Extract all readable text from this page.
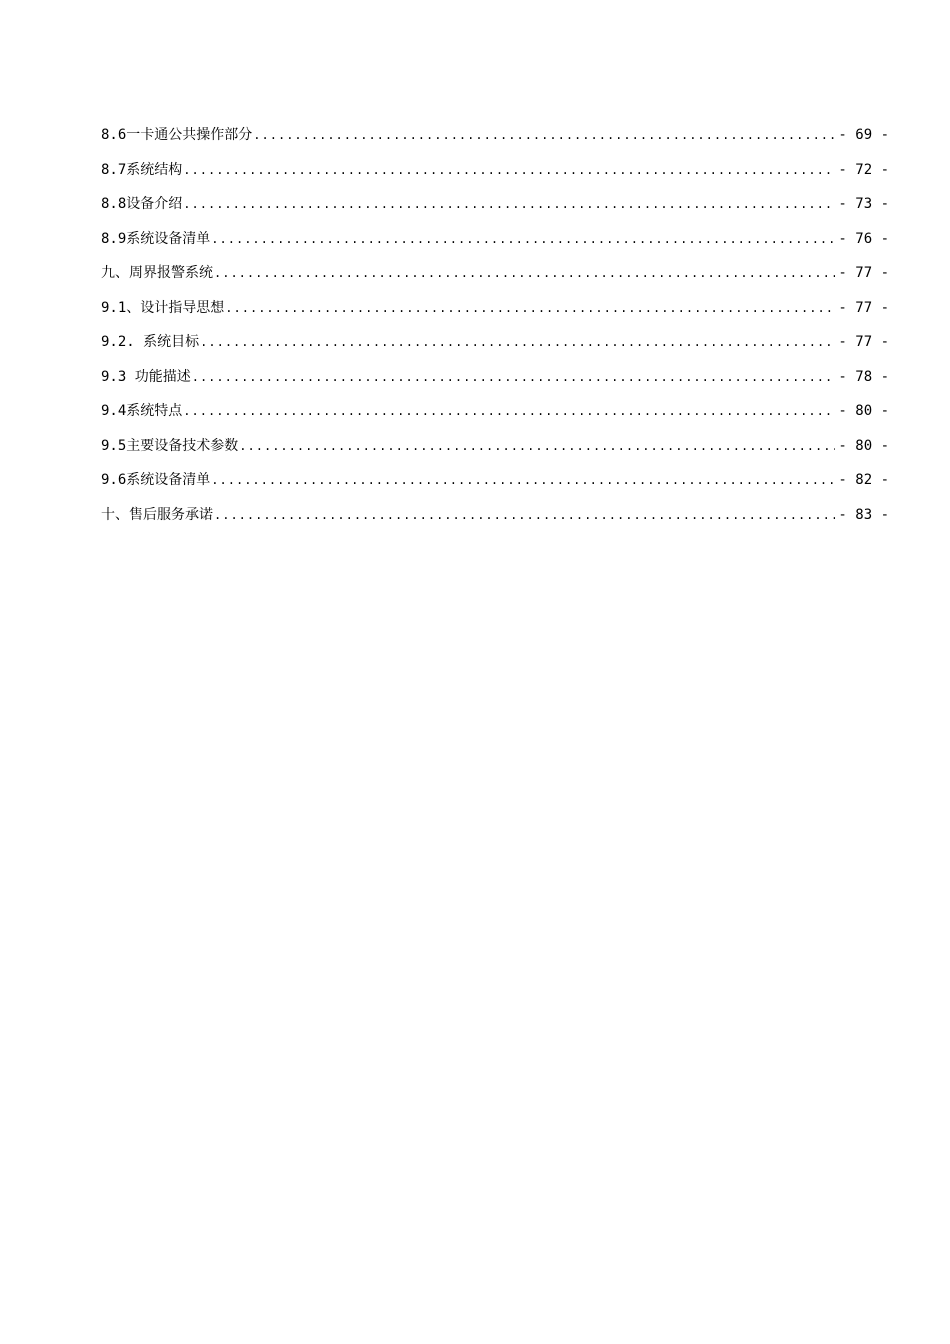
8.6一卡通公共操作部分 .....	- 69 -
8.7系统结构 .....	- 72 -
8.8设备介绍 .....	- 73 -
8.9系统设备清单 .....	- 76 -
九、周界报警系统 .....	- 77 -
9.1、设计指导思想 .....	- 77 -
9.2. 系统目标 .....	- 77 -
9.3 功能描述 .....	- 78 -
9.4系统特点 .....	- 80 -
9.5主要设备技术参数 .....	- 80 -
9.6系统设备清单 .....	- 82 -
十、售后服务承诺 .....	- 83 -
